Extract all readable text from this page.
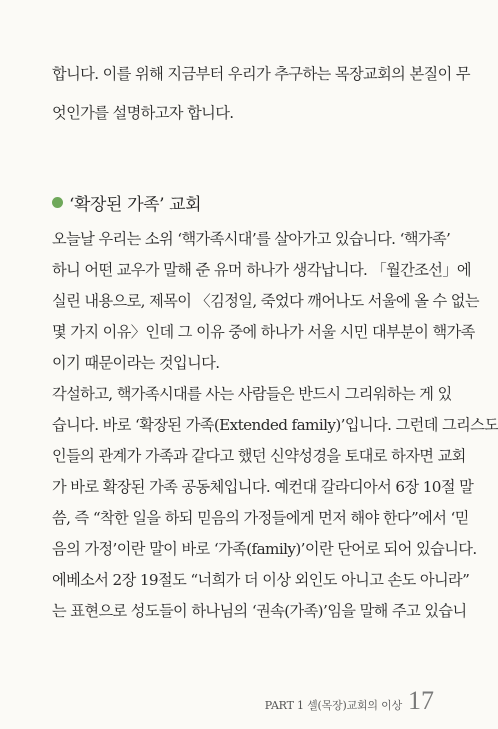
합니다. 이를 위해 지금부터 우리가 추구하는 목장교회의 본질이 무
엇인가를 설명하고자 합니다.
‘확장된 가족’ 교회
오늘날 우리는 소위 ‘핵가족시대’를 살아가고 있습니다. ‘핵가족’
하니 어떤 교우가 말해 준 유머 하나가 생각납니다. 「월간조선」에
실린 내용으로, 제목이 〈김정일, 죽었다 깨어나도 서울에 올 수 없는
몇 가지 이유〉인데 그 이유 중에 하나가 서울 시민 대부분이 핵가족
이기 때문이라는 것입니다.
각설하고, 핵가족시대를 사는 사람들은 반드시 그리워하는 게 있
습니다. 바로 ‘확장된 가족(Extended family)’입니다. 그런데 그리스도
인들의 관계가 가족과 같다고 했던 신약성경을 토대로 하자면 교회
가 바로 확장된 가족 공동체입니다. 예컨대 갈라디아서 6장 10절 말
씀, 즉 “착한 일을 하되 믿음의 가정들에게 먼저 해야 한다”에서 ‘믿
음의 가정’이란 말이 바로 ‘가족(family)’이란 단어로 되어 있습니다.
에베소서 2장 19절도 “너희가 더 이상 외인도 아니고 손도 아니라”
는 표현으로 성도들이 하나님의 ‘권속(가족)’임을 말해 주고 있습니
PART 1 셀(목장)교회의 이상 17
